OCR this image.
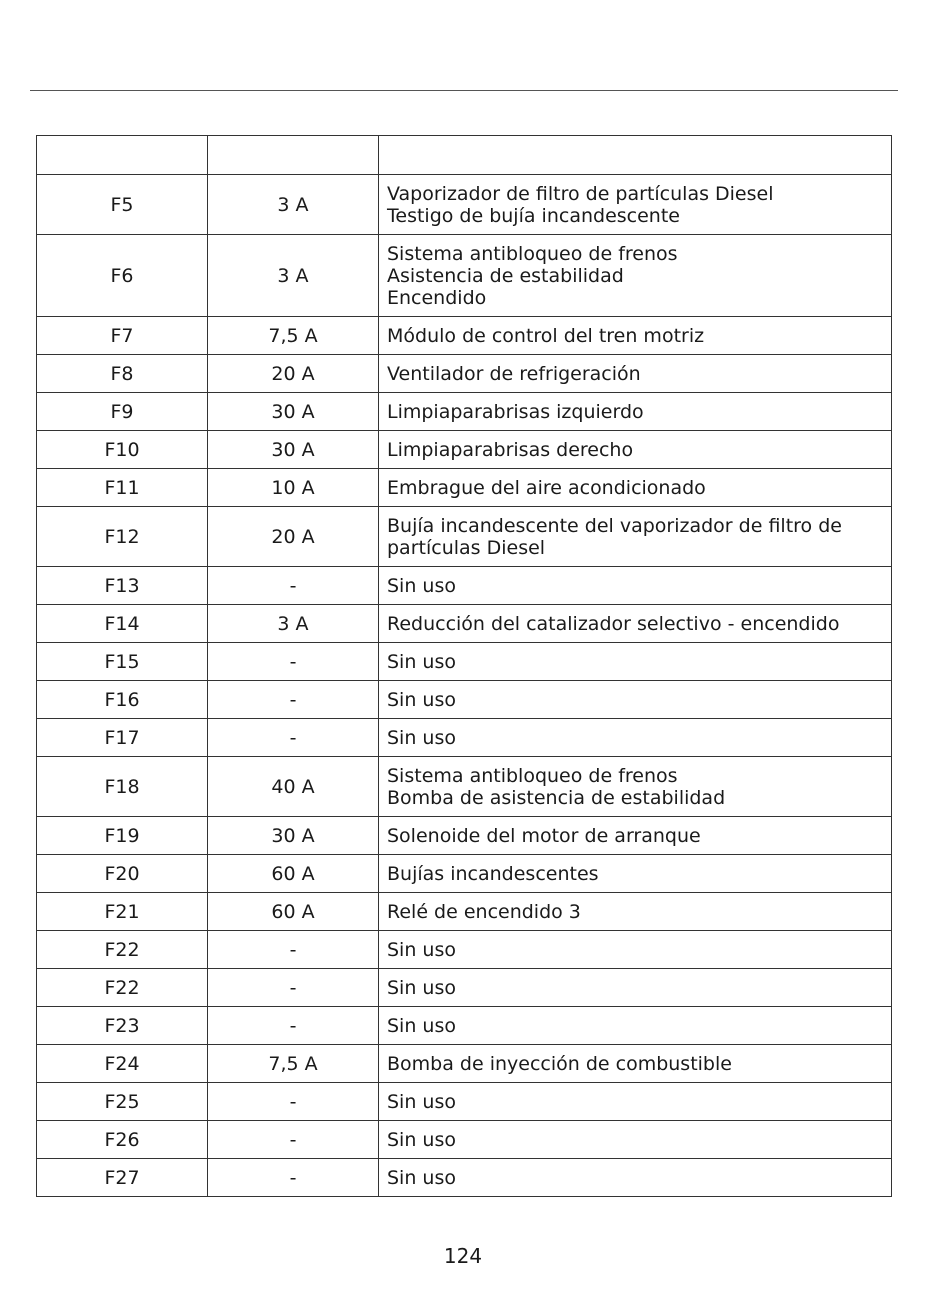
F5	3 A	Vaporizador de filtro de partículas Diesel
Testigo de bujía incandescente

F6	3 A	Sistema antibloqueo de frenos
Asistencia de estabilidad
Encendido

F7	7,5 A	Módulo de control del tren motriz

F8	20 A	Ventilador de refrigeración

F9	30 A	Limpiaparabrisas izquierdo

F10	30 A	Limpiaparabrisas derecho

F11	10 A	Embrague del aire acondicionado

F12	20 A	Bujía incandescente del vaporizador de filtro de
partículas Diesel

F13	-	Sin uso

F14	3 A	Reducción del catalizador selectivo - encendido

F15	-	Sin uso

F16	-	Sin uso

F17	-	Sin uso

F18	40 A	Sistema antibloqueo de frenos
Bomba de asistencia de estabilidad

F19	30 A	Solenoide del motor de arranque

F20	60 A	Bujías incandescentes

F21	60 A	Relé de encendido 3

F22	-	Sin uso

F22	-	Sin uso

F23	-	Sin uso

F24	7,5 A	Bomba de inyección de combustible

F25	-	Sin uso

F26	-	Sin uso

F27	-	Sin uso
124
